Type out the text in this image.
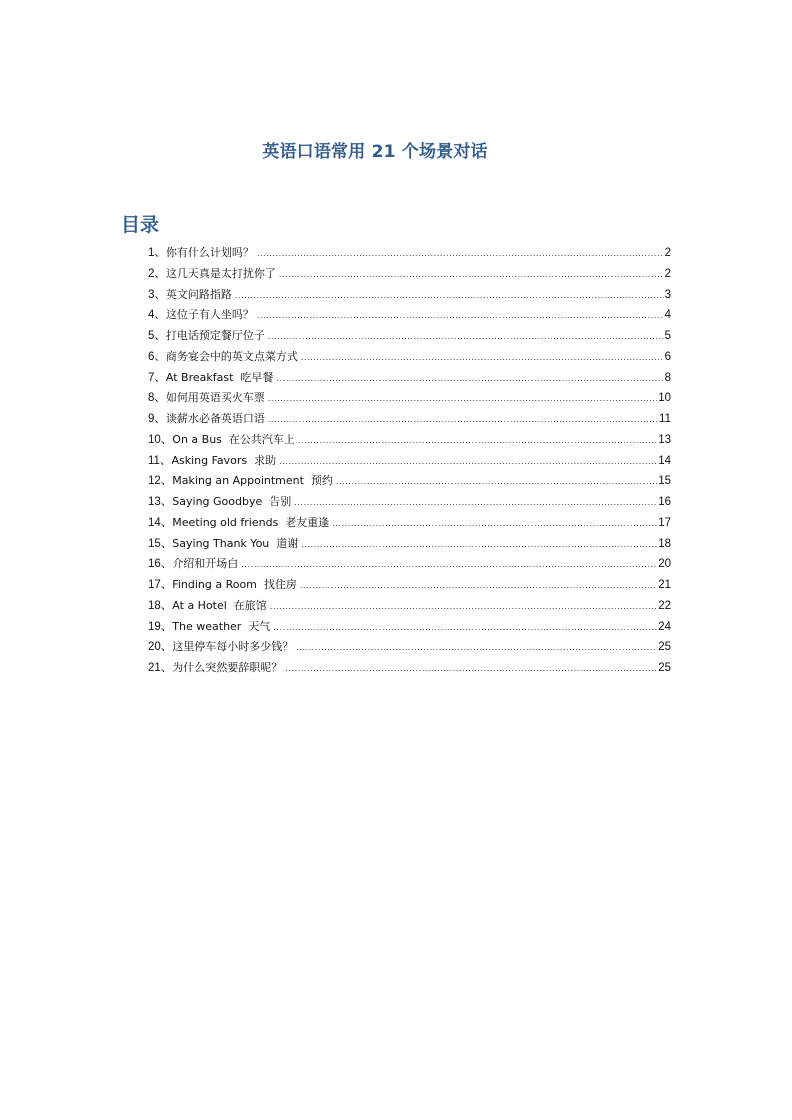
英语口语常用 21 个场景对话
目录
1、 你有什么计划吗？ .....	2
2、 这几天真是太打扰你了 .....	2
3、 英文问路指路 .....	3
4、 这位子有人坐吗？ .....	4
5、 打电话预定餐厅位子 .....	5
6、 商务宴会中的英文点菜方式 .....	6
7、 At Breakfast  吃早餐 .....	8
8、 如何用英语买火车票 .....	10
9、 谈薪水必备英语口语 .....	11
10、 On a Bus  在公共汽车上 .....	13
11、 Asking Favors  求助 .....	14
12、 Making an Appointment  预约 .....	15
13、 Saying Goodbye  告别 .....	16
14、 Meeting old friends  老友重逢 .....	17
15、 Saying Thank You  道谢 .....	18
16、 介绍和开场白 .....	20
17、 Finding a Room  找住房 .....	21
18、 At a Hotel  在旅馆 .....	22
19、 The weather  天气 .....	24
20、 这里停车每小时多少钱？ .....	25
21、 为什么突然要辞职呢？ .....	25
